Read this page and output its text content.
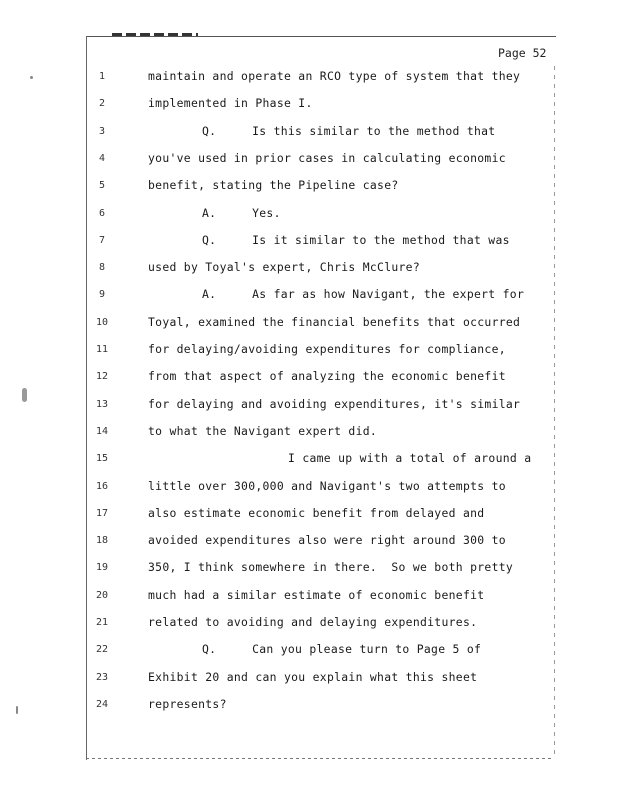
Page 52
1	maintain and operate an RCO type of system that they
2	implemented in Phase I.
3	Q.     Is this similar to the method that
4	you've used in prior cases in calculating economic
5	benefit, stating the Pipeline case?
6	A.     Yes.
7	Q.     Is it similar to the method that was
8	used by Toyal's expert, Chris McClure?
9	A.     As far as how Navigant, the expert for
10	Toyal, examined the financial benefits that occurred
11	for delaying/avoiding expenditures for compliance,
12	from that aspect of analyzing the economic benefit
13	for delaying and avoiding expenditures, it's similar
14	to what the Navigant expert did.
15	I came up with a total of around a
16	little over 300,000 and Navigant's two attempts to
17	also estimate economic benefit from delayed and
18	avoided expenditures also were right around 300 to
19	350, I think somewhere in there.  So we both pretty
20	much had a similar estimate of economic benefit
21	related to avoiding and delaying expenditures.
22	Q.     Can you please turn to Page 5 of
23	Exhibit 20 and can you explain what this sheet
24	represents?
